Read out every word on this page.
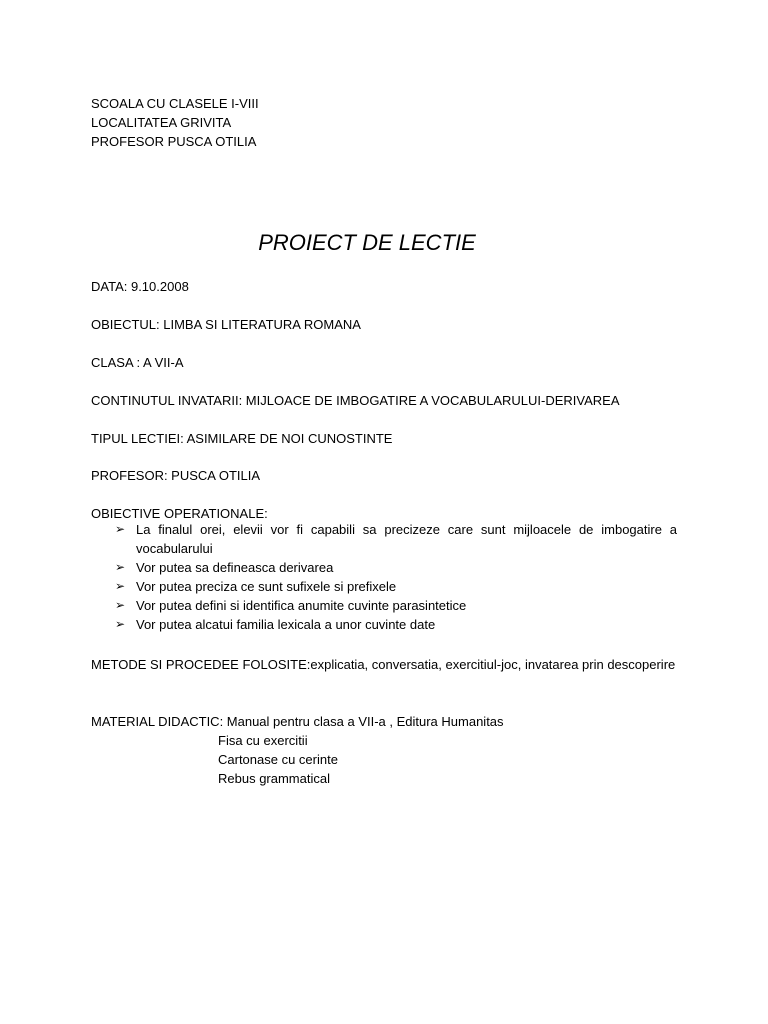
SCOALA CU CLASELE I-VIII
LOCALITATEA GRIVITA
PROFESOR PUSCA OTILIA
PROIECT DE LECTIE
DATA: 9.10.2008
OBIECTUL: LIMBA SI LITERATURA ROMANA
CLASA : A VII-A
CONTINUTUL INVATARII: MIJLOACE DE IMBOGATIRE A VOCABULARULUI-DERIVAREA
TIPUL LECTIEI: ASIMILARE DE NOI CUNOSTINTE
PROFESOR: PUSCA OTILIA
OBIECTIVE OPERATIONALE:
➢ La finalul orei, elevii vor fi capabili sa precizeze care sunt mijloacele de imbogatire a vocabularului
➢ Vor putea sa defineasca derivarea
➢ Vor putea preciza ce sunt sufixele si prefixele
➢ Vor putea defini si identifica anumite cuvinte parasintetice
➢ Vor putea alcatui familia lexicala a unor cuvinte date
METODE SI PROCEDEE FOLOSITE:explicatia, conversatia, exercitiul-joc, invatarea prin descoperire
MATERIAL DIDACTIC: Manual pentru clasa a VII-a , Editura Humanitas
Fisa cu exercitii
Cartonase cu cerinte
Rebus grammatical
